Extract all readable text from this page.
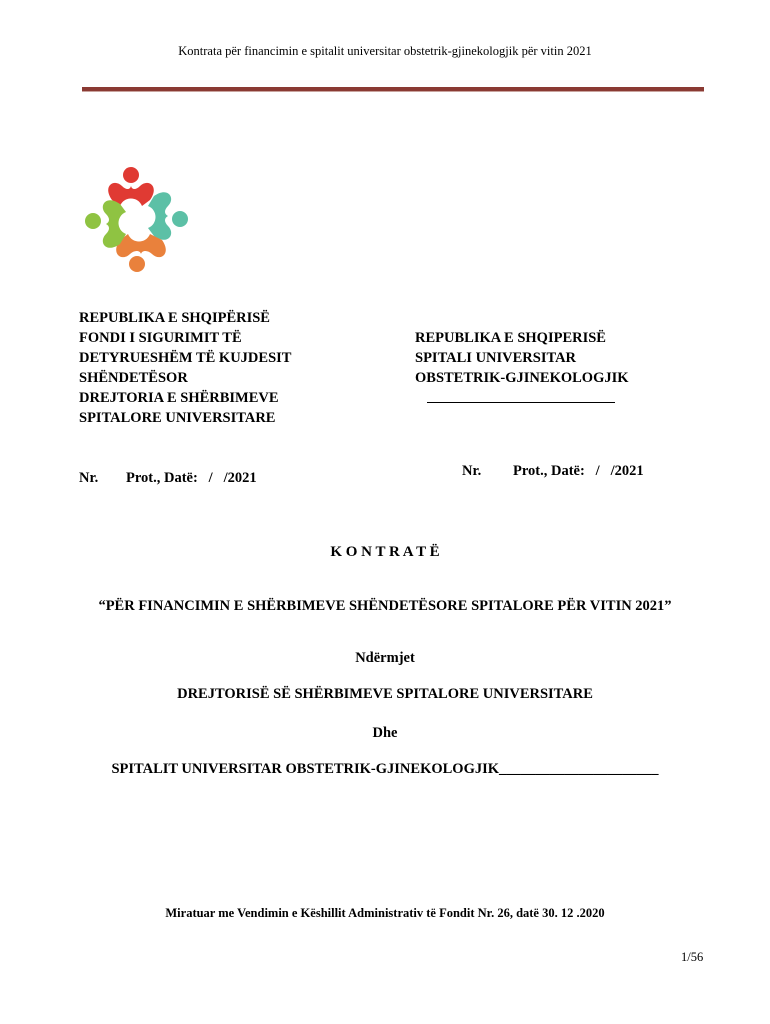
Kontrata për financimin e spitalit universitar obstetrik-gjinekologjik për vitin 2021
REPUBLIKA E SHQIPËRISË
FONDI I SIGURIMIT TË
DETYRUESHËM TË KUJDESIT
SHËNDETËSOR
DREJTORIA E SHËRBIMEVE
SPITALORE UNIVERSITARE
REPUBLIKA E SHQIPERISË
SPITALI UNIVERSITAR
OBSTETRIK-GJINEKOLOGJIK
Nr. Prot., Datë:   /   /2021	Nr. Prot., Datë:   /   /2021
K O N T R A T Ë
“PËR FINANCIMIN E SHËRBIMEVE SHËNDETËSORE SPITALORE PËR VITIN 2021”
Ndërmjet
DREJTORISË SË SHËRBIMEVE SPITALORE UNIVERSITARE
Dhe
SPITALIT UNIVERSITAR OBSTETRIK-GJINEKOLOGJIK______________________
Miratuar me Vendimin e Këshillit Administrativ të Fondit Nr. 26, datë 30. 12 .2020
1/56
